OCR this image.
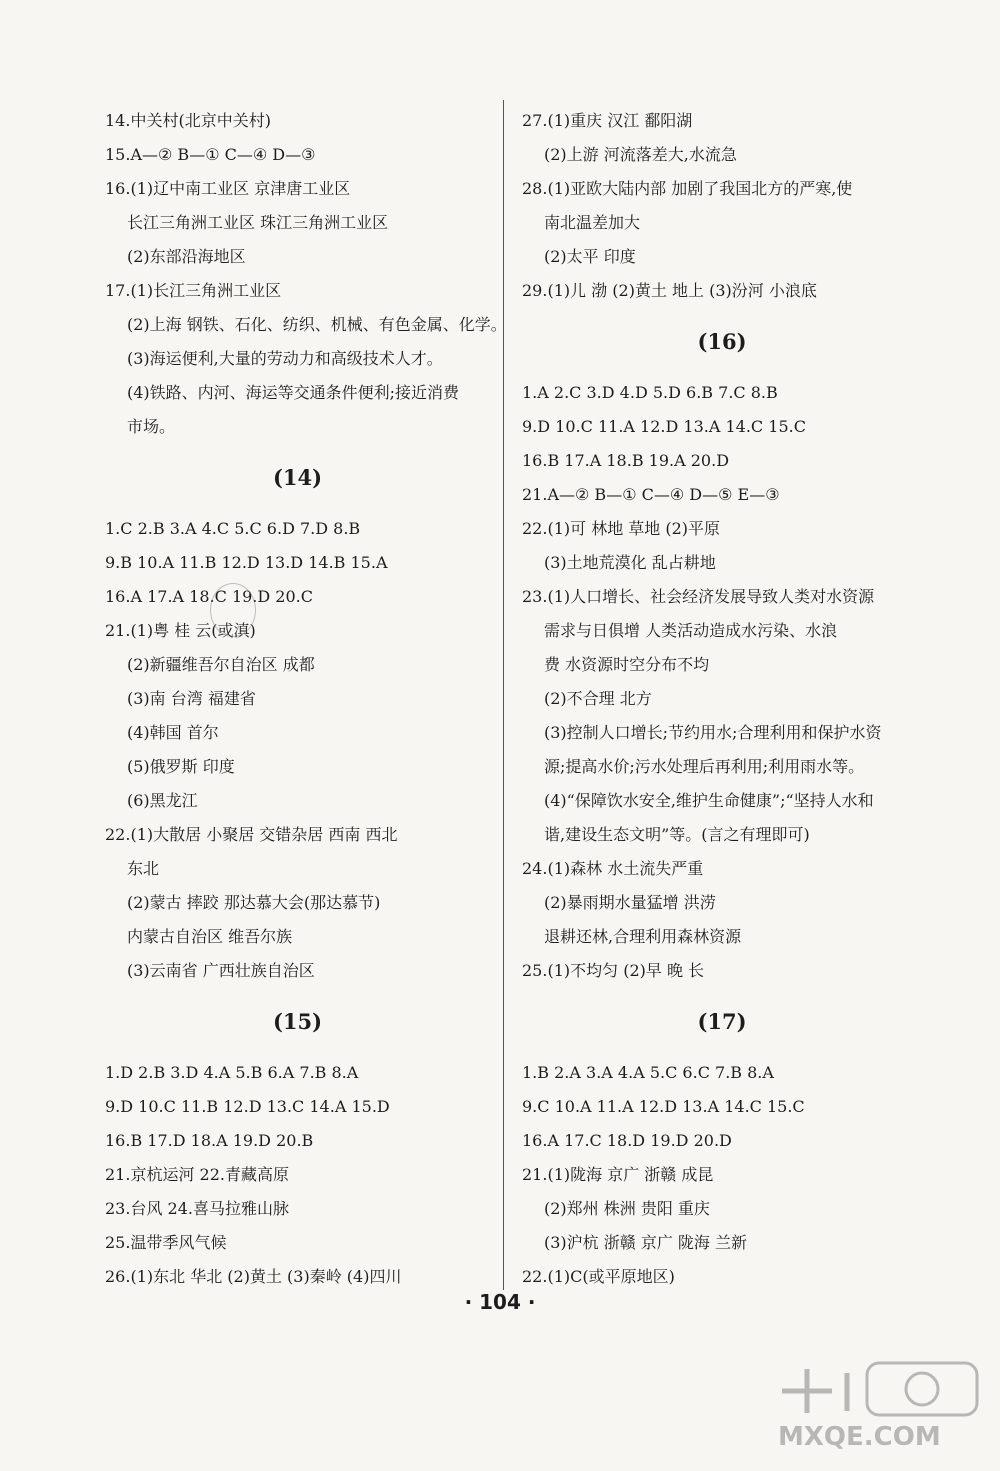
14.中关村(北京中关村)
15.A—② B—① C—④ D—③
16.(1)辽中南工业区 京津唐工业区
长江三角洲工业区 珠江三角洲工业区
(2)东部沿海地区
17.(1)长江三角洲工业区
(2)上海 钢铁、石化、纺织、机械、有色金属、化学。
(3)海运便利,大量的劳动力和高级技术人才。
(4)铁路、内河、海运等交通条件便利;接近消费
市场。
(14)
1.C 2.B 3.A 4.C 5.C 6.D 7.D 8.B
9.B 10.A 11.B 12.D 13.D 14.B 15.A
16.A 17.A 18.C 19.D 20.C
21.(1)粤 桂 云(或滇)
(2)新疆维吾尔自治区 成都
(3)南 台湾 福建省
(4)韩国 首尔
(5)俄罗斯 印度
(6)黑龙江
22.(1)大散居 小聚居 交错杂居 西南 西北
东北
(2)蒙古 摔跤 那达慕大会(那达慕节)
内蒙古自治区 维吾尔族
(3)云南省 广西壮族自治区
(15)
1.D 2.B 3.D 4.A 5.B 6.A 7.B 8.A
9.D 10.C 11.B 12.D 13.C 14.A 15.D
16.B 17.D 18.A 19.D 20.B
21.京杭运河 22.青藏高原
23.台风 24.喜马拉雅山脉
25.温带季风气候
26.(1)东北 华北 (2)黄土 (3)秦岭 (4)四川
27.(1)重庆 汉江 鄱阳湖
(2)上游 河流落差大,水流急
28.(1)亚欧大陆内部 加剧了我国北方的严寒,使
南北温差加大
(2)太平 印度
29.(1)儿 渤 (2)黄土 地上 (3)汾河 小浪底
(16)
1.A 2.C 3.D 4.D 5.D 6.B 7.C 8.B
9.D 10.C 11.A 12.D 13.A 14.C 15.C
16.B 17.A 18.B 19.A 20.D
21.A—② B—① C—④ D—⑤ E—③
22.(1)可 林地 草地 (2)平原
(3)土地荒漠化 乱占耕地
23.(1)人口增长、社会经济发展导致人类对水资源
需求与日俱增 人类活动造成水污染、水浪
费 水资源时空分布不均
(2)不合理 北方
(3)控制人口增长;节约用水;合理利用和保护水资
源;提高水价;污水处理后再利用;利用雨水等。
(4)“保障饮水安全,维护生命健康”;“坚持人水和
谐,建设生态文明”等。(言之有理即可)
24.(1)森林 水土流失严重
(2)暴雨期水量猛增 洪涝
退耕还林,合理利用森林资源
25.(1)不均匀 (2)早 晚 长
(17)
1.B 2.A 3.A 4.A 5.C 6.C 7.B 8.A
9.C 10.A 11.A 12.D 13.A 14.C 15.C
16.A 17.C 18.D 19.D 20.D
21.(1)陇海 京广 浙赣 成昆
(2)郑州 株洲 贵阳 重庆
(3)沪杭 浙赣 京广 陇海 兰新
22.(1)C(或平原地区)
· 104 ·
MXQE.COM
